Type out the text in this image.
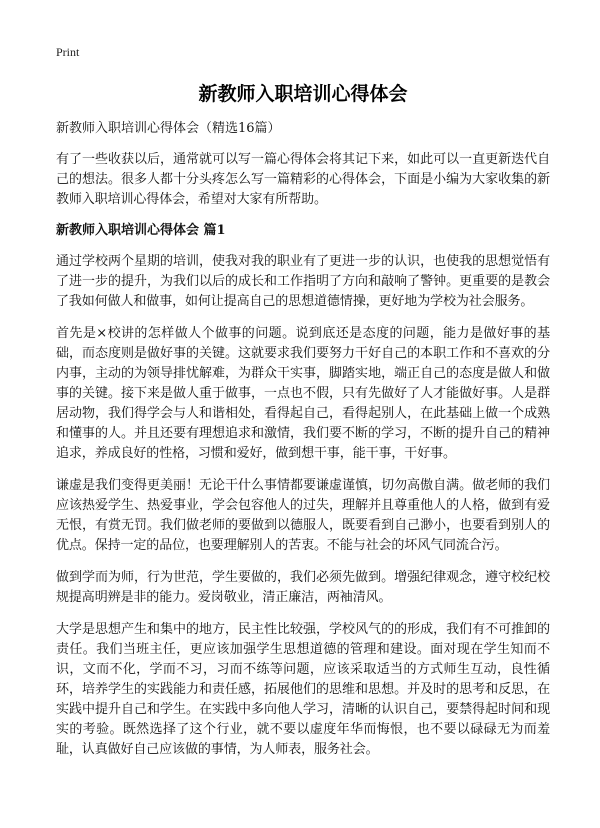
Print
新教师入职培训心得体会
新教师入职培训心得体会（精选16篇）

有了一些收获以后，通常就可以写一篇心得体会将其记下来，如此可以一直更新迭代自己的想法。很多人都十分头疼怎么写一篇精彩的心得体会，下面是小编为大家收集的新教师入职培训心得体会，希望对大家有所帮助。

新教师入职培训心得体会 篇1

通过学校两个星期的培训，使我对我的职业有了更进一步的认识，也使我的思想觉悟有了进一步的提升，为我们以后的成长和工作指明了方向和敲响了警钟。更重要的是教会了我如何做人和做事，如何让提高自己的思想道德情操，更好地为学校为社会服务。

首先是×校讲的怎样做人个做事的问题。说到底还是态度的问题，能力是做好事的基础，而态度则是做好事的关键。这就要求我们要努力干好自己的本职工作和不喜欢的分内事，主动的为领导排忧解难，为群众干实事，脚踏实地，端正自己的态度是做人和做事的关键。接下来是做人重于做事，一点也不假，只有先做好了人才能做好事。人是群居动物，我们得学会与人和谐相处，看得起自己，看得起别人，在此基础上做一个成熟和懂事的人。并且还要有理想追求和激情，我们要不断的学习，不断的提升自己的精神追求，养成良好的性格，习惯和爱好，做到想干事，能干事，干好事。

谦虚是我们变得更美丽！无论干什么事情都要谦虚谨慎，切勿高傲自满。做老师的我们应该热爱学生、热爱事业，学会包容他人的过失，理解并且尊重他人的人格，做到有爱无恨，有赏无罚。我们做老师的要做到以德服人，既要看到自己渺小，也要看到别人的优点。保持一定的品位，也要理解别人的苦衷。不能与社会的坏风气同流合污。

做到学而为师，行为世范，学生要做的，我们必须先做到。增强纪律观念，遵守校纪校规提高明辨是非的能力。爱岗敬业，清正廉洁，两袖清风。

大学是思想产生和集中的地方，民主性比较强，学校风气的的形成，我们有不可推卸的责任。我们当班主任，更应该加强学生思想道德的管理和建设。面对现在学生知而不识，文而不化，学而不习，习而不练等问题，应该采取适当的方式师生互动，良性循环，培养学生的实践能力和责任感，拓展他们的思维和思想。并及时的思考和反思，在实践中提升自己和学生。在实践中多向他人学习，清晰的认识自己，要禁得起时间和现实的考验。既然选择了这个行业，就不要以虚度年华而悔恨，也不要以碌碌无为而羞耻，认真做好自己应该做的事情，为人师表，服务社会。
